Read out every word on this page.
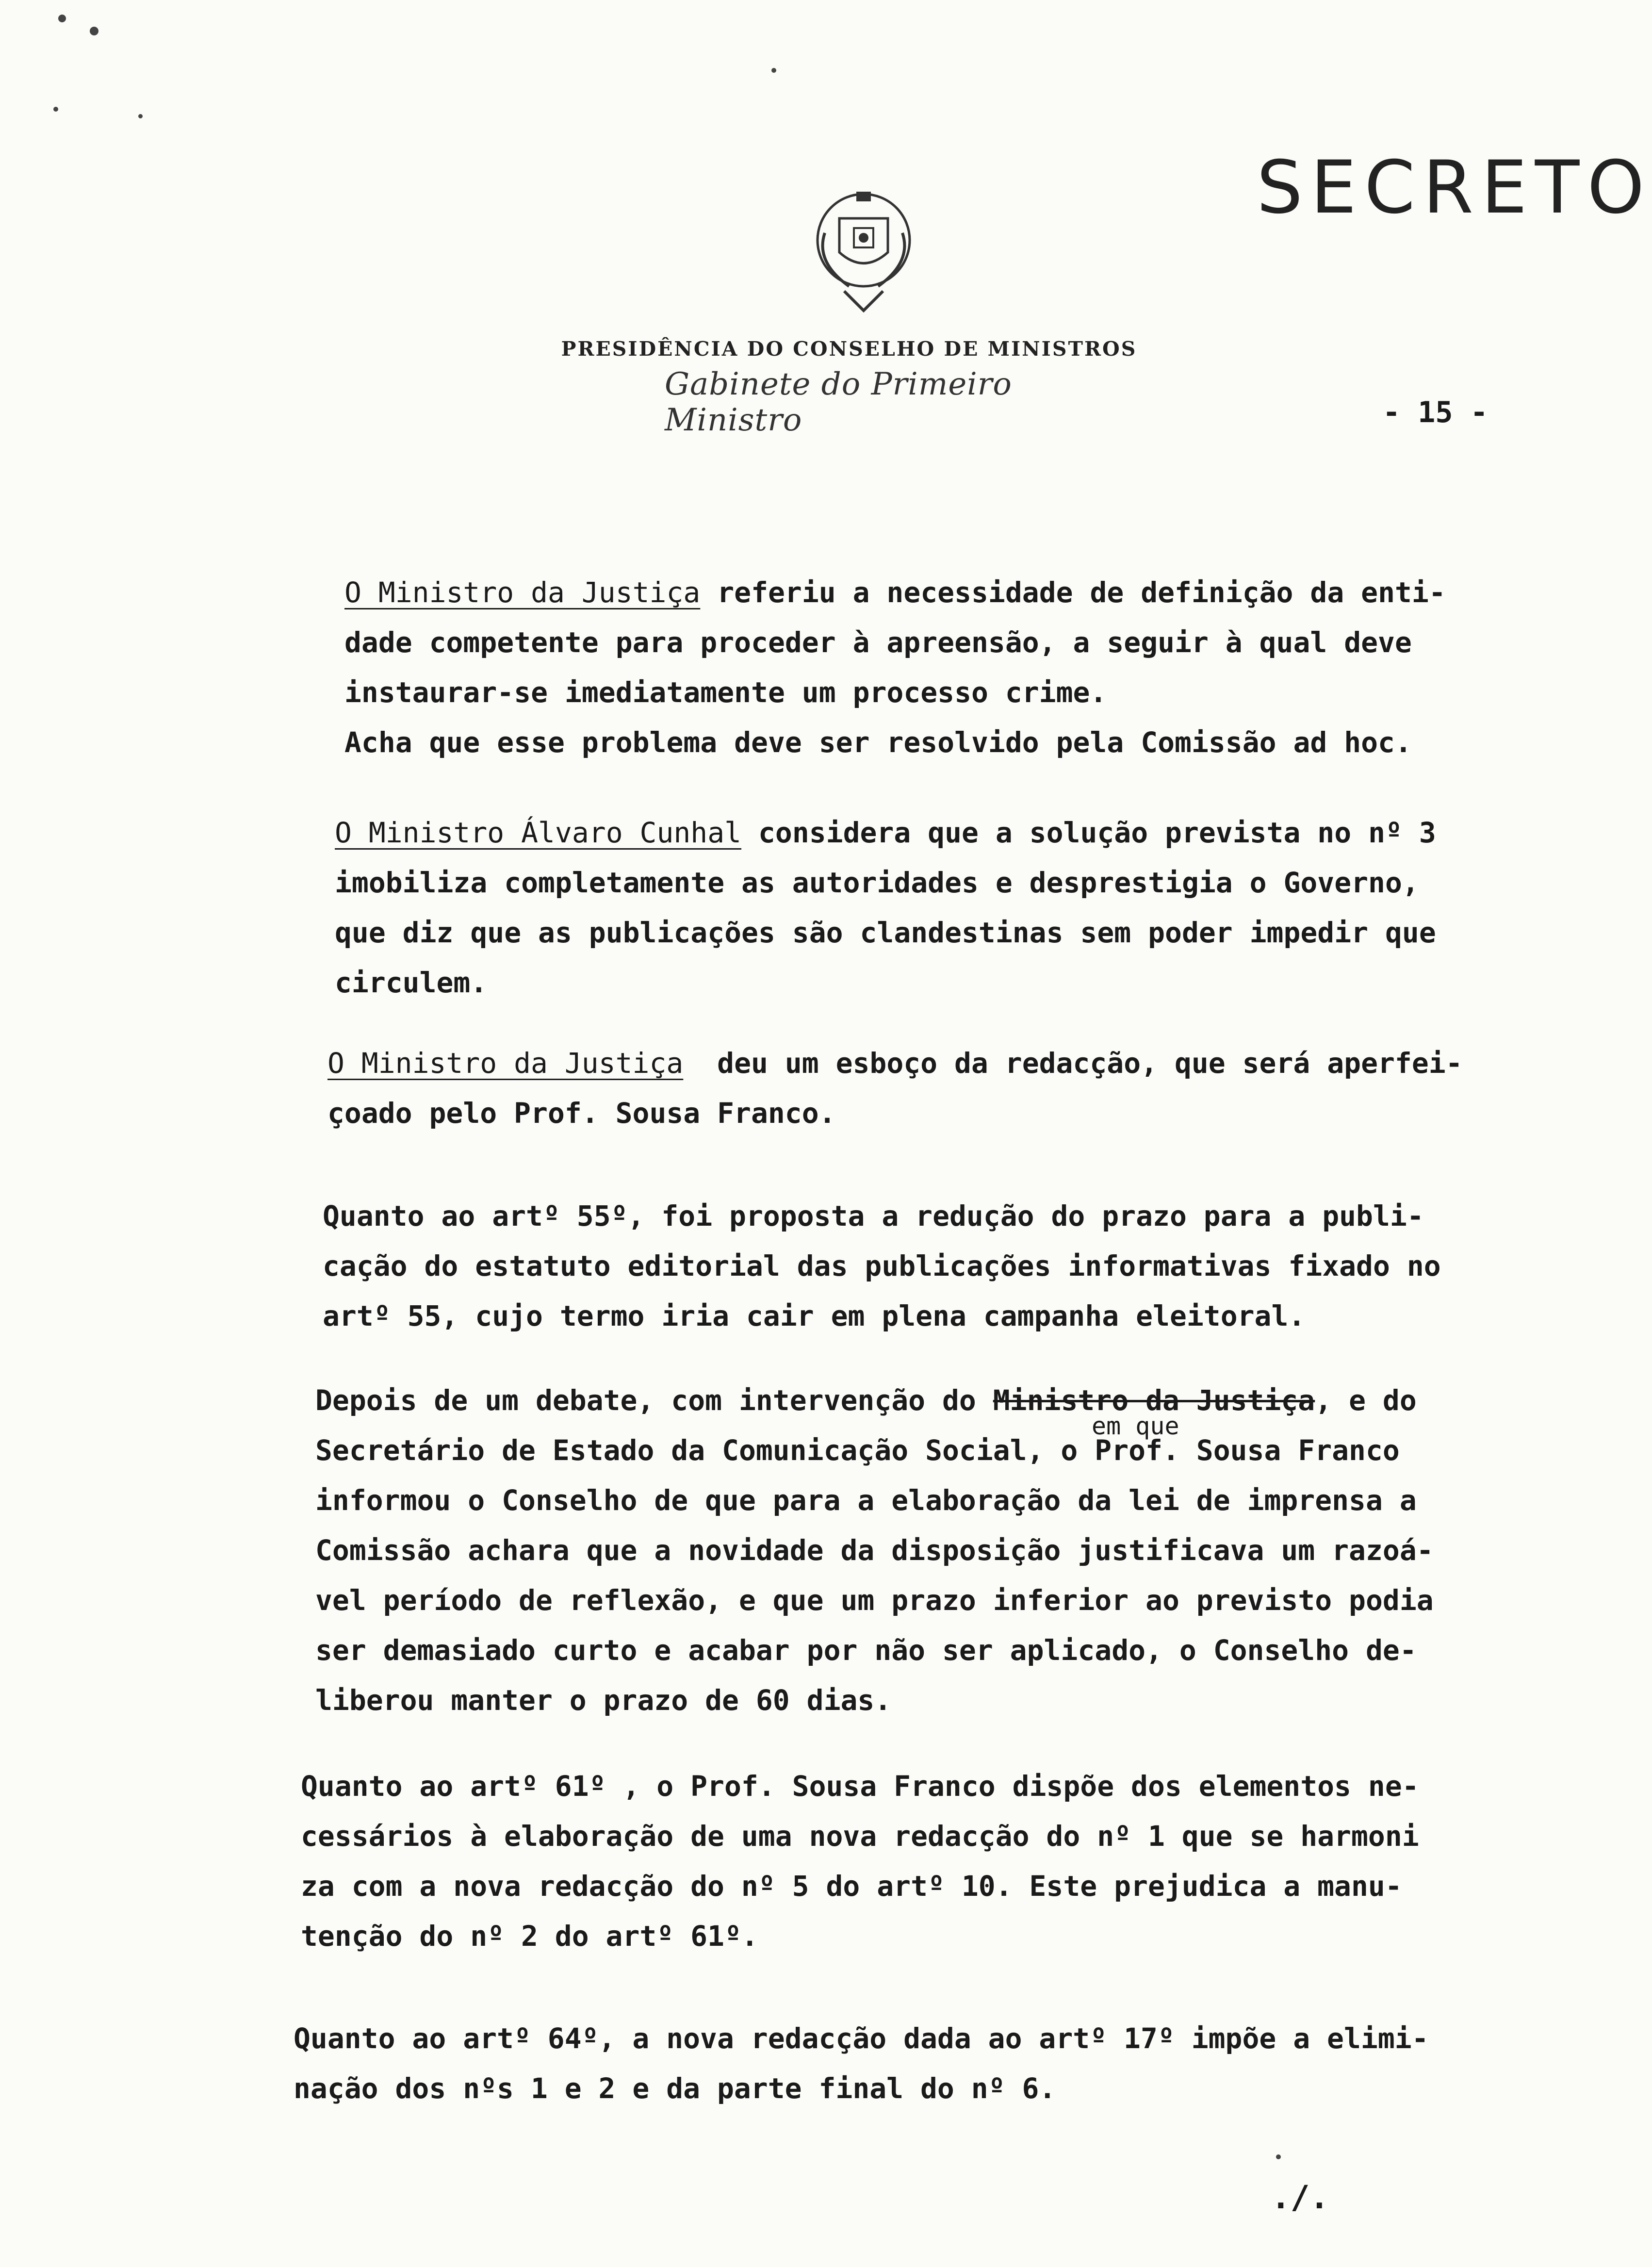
SECRETO
PRESIDÊNCIA DO CONSELHO DE MINISTROS
Gabinete do Primeiro Ministro	- 15 -
O Ministro da Justiça referiu a necessidade de definição da enti-
dade competente para proceder à apreensão, a seguir à qual deve
instaurar-se imediatamente um processo crime.
Acha que esse problema deve ser resolvido pela Comissão ad hoc.
O Ministro Álvaro Cunhal considera que a solução prevista no nº 3
imobiliza completamente as autoridades e desprestigia o Governo,
que diz que as publicações são clandestinas sem poder impedir que
circulem.
O Ministro da Justiça  deu um esboço da redacção, que será aperfei-
çoado pelo Prof. Sousa Franco.
Quanto ao artº 55º, foi proposta a redução do prazo para a publi-
cação do estatuto editorial das publicações informativas fixado no
artº 55, cujo termo iria cair em plena campanha eleitoral.
em que
Depois de um debate, com intervenção do Ministro da Justiça, e do
Secretário de Estado da Comunicação Social, o Prof. Sousa Franco
informou o Conselho de que para a elaboração da lei de imprensa a
Comissão achara que a novidade da disposição justificava um razoá-
vel período de reflexão, e que um prazo inferior ao previsto podia
ser demasiado curto e acabar por não ser aplicado, o Conselho de-
liberou manter o prazo de 60 dias.
Quanto ao artº 61º , o Prof. Sousa Franco dispõe dos elementos ne-
cessários à elaboração de uma nova redacção do nº 1 que se harmoni
za com a nova redacção do nº 5 do artº 10. Este prejudica a manu-
tenção do nº 2 do artº 61º.
Quanto ao artº 64º, a nova redacção dada ao artº 17º impõe a elimi-
nação dos nºs 1 e 2 e da parte final do nº 6.
./.
